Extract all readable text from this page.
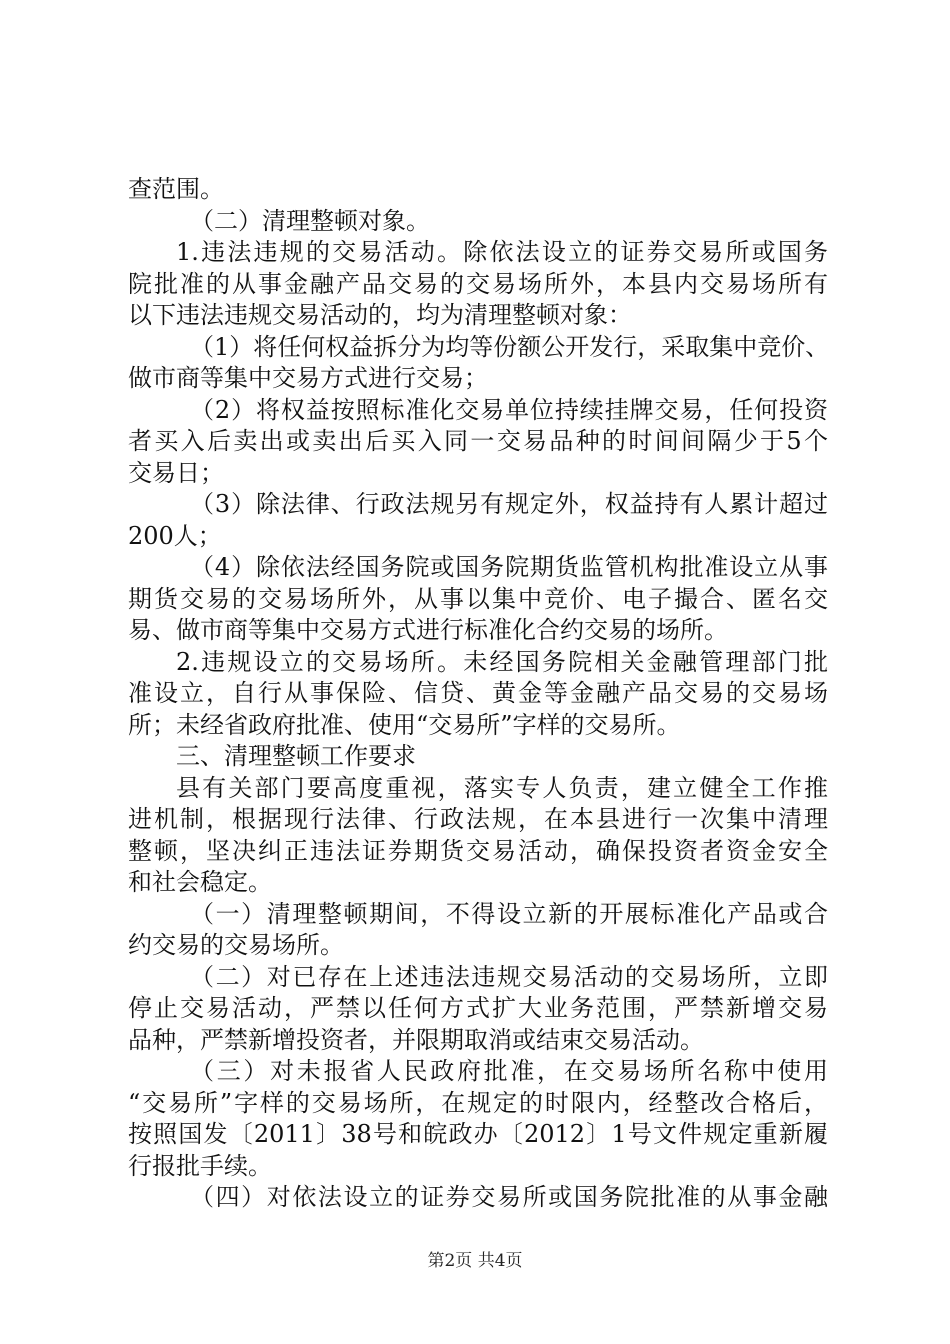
查范围。
（二）清理整顿对象。
1.违法违规的交易活动。除依法设立的证券交易所或国务
院批准的从事金融产品交易的交易场所外，本县内交易场所有
以下违法违规交易活动的，均为清理整顿对象：
（1）将任何权益拆分为均等份额公开发行，采取集中竞价、
做市商等集中交易方式进行交易；
（2）将权益按照标准化交易单位持续挂牌交易，任何投资
者买入后卖出或卖出后买入同一交易品种的时间间隔少于5个
交易日；
（3）除法律、行政法规另有规定外，权益持有人累计超过
200人；
（4）除依法经国务院或国务院期货监管机构批准设立从事
期货交易的交易场所外，从事以集中竞价、电子撮合、匿名交
易、做市商等集中交易方式进行标准化合约交易的场所。
2.违规设立的交易场所。未经国务院相关金融管理部门批
准设立，自行从事保险、信贷、黄金等金融产品交易的交易场
所；未经省政府批准、使用“交易所”字样的交易所。
三、清理整顿工作要求
县有关部门要高度重视，落实专人负责，建立健全工作推
进机制，根据现行法律、行政法规，在本县进行一次集中清理
整顿，坚决纠正违法证券期货交易活动，确保投资者资金安全
和社会稳定。
（一）清理整顿期间，不得设立新的开展标准化产品或合
约交易的交易场所。
（二）对已存在上述违法违规交易活动的交易场所，立即
停止交易活动，严禁以任何方式扩大业务范围，严禁新增交易
品种，严禁新增投资者，并限期取消或结束交易活动。
（三）对未报省人民政府批准，在交易场所名称中使用
“交易所”字样的交易场所，在规定的时限内，经整改合格后，
按照国发〔2011〕38号和皖政办〔2012〕1号文件规定重新履
行报批手续。
（四）对依法设立的证券交易所或国务院批准的从事金融
第2页 共4页
